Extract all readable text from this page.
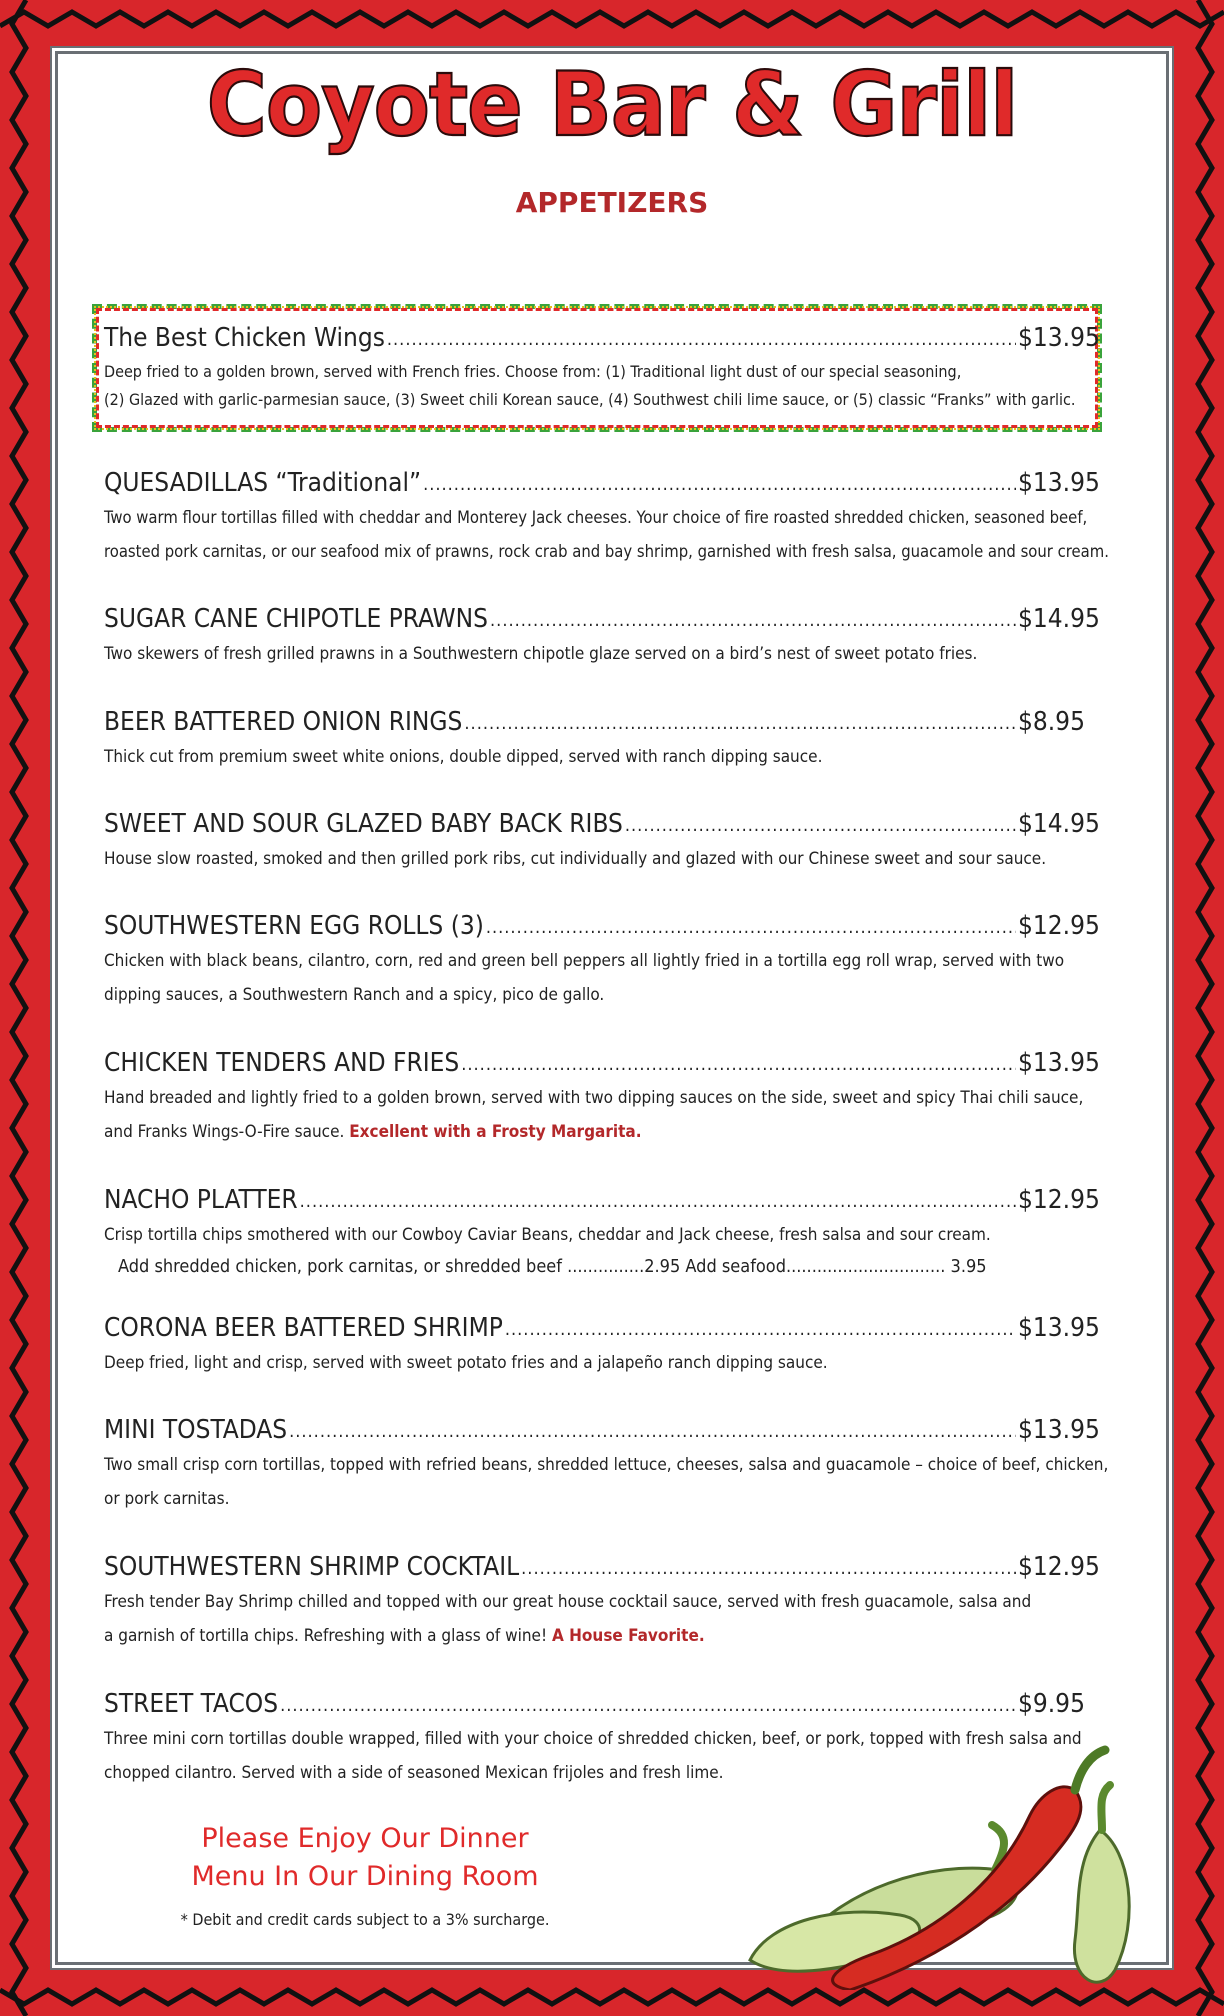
Coyote Bar & Grill
APPETIZERS
The Best Chicken Wings .....	$13.95
Deep fried to a golden brown, served with French fries. Choose from: (1) Traditional light dust of our special seasoning,
(2) Glazed with garlic-parmesian sauce, (3) Sweet chili Korean sauce, (4) Southwest chili lime sauce, or (5) classic “Franks” with garlic.
QUESADILLAS “Traditional” .....	$13.95
Two warm flour tortillas filled with cheddar and Monterey Jack cheeses. Your choice of fire roasted shredded chicken, seasoned beef,
roasted pork carnitas, or our seafood mix of prawns, rock crab and bay shrimp, garnished with fresh salsa, guacamole and sour cream.
SUGAR CANE CHIPOTLE PRAWNS .....	$14.95
Two skewers of fresh grilled prawns in a Southwestern chipotle glaze served on a bird’s nest of sweet potato fries.
BEER BATTERED ONION RINGS .....	$8.95
Thick cut from premium sweet white onions, double dipped, served with ranch dipping sauce.
SWEET AND SOUR GLAZED BABY BACK RIBS .....	$14.95
House slow roasted, smoked and then grilled pork ribs, cut individually and glazed with our Chinese sweet and sour sauce.
SOUTHWESTERN EGG ROLLS (3) .....	$12.95
Chicken with black beans, cilantro, corn, red and green bell peppers all lightly fried in a tortilla egg roll wrap, served with two
dipping sauces, a Southwestern Ranch and a spicy, pico de gallo.
CHICKEN TENDERS AND FRIES .....	$13.95
Hand breaded and lightly fried to a golden brown, served with two dipping sauces on the side, sweet and spicy Thai chili sauce,
and Franks Wings-O-Fire sauce. Excellent with a Frosty Margarita.
NACHO PLATTER .....	$12.95
Crisp tortilla chips smothered with our Cowboy Caviar Beans, cheddar and Jack cheese, fresh salsa and sour cream.
Add shredded chicken, pork carnitas, or shredded beef ...............2.95 Add seafood............................... 3.95
CORONA BEER BATTERED SHRIMP .....	$13.95
Deep fried, light and crisp, served with sweet potato fries and a jalapeño ranch dipping sauce.
MINI TOSTADAS .....	$13.95
Two small crisp corn tortillas, topped with refried beans, shredded lettuce, cheeses, salsa and guacamole – choice of beef, chicken,
or pork carnitas.
SOUTHWESTERN SHRIMP COCKTAIL .....	$12.95
Fresh tender Bay Shrimp chilled and topped with our great house cocktail sauce, served with fresh guacamole, salsa and
a garnish of tortilla chips. Refreshing with a glass of wine! A House Favorite.
STREET TACOS .....	$9.95
Three mini corn tortillas double wrapped, filled with your choice of shredded chicken, beef, or pork, topped with fresh salsa and
chopped cilantro. Served with a side of seasoned Mexican frijoles and fresh lime.
Please Enjoy Our Dinner
Menu In Our Dining Room
* Debit and credit cards subject to a 3% surcharge.
